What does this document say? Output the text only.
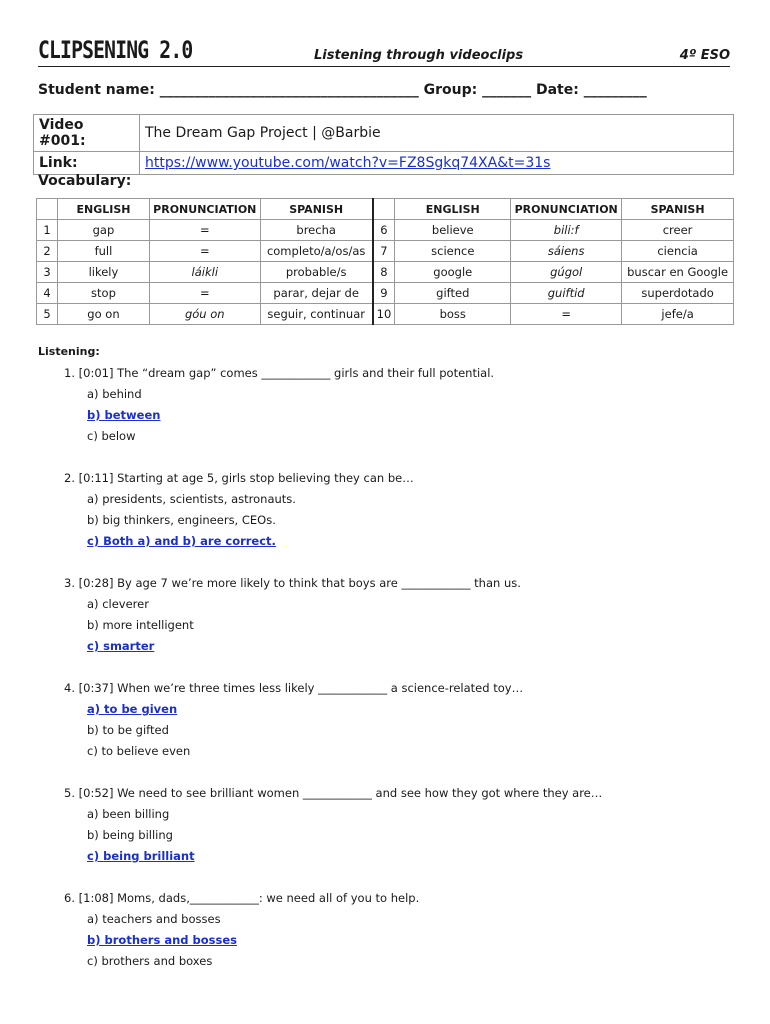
CLIPSENING 2.0	Listening through videoclips	4º ESO
Student name: _____________________________________ Group: _______ Date: _________
Video #001:	The Dream Gap Project | @Barbie
Link:	https://www.youtube.com/watch?v=FZ8Sgkq74XA&t=31s
Vocabulary:
	ENGLISH	PRONUNCIATION	SPANISH		ENGLISH	PRONUNCIATION	SPANISH
1	gap	=	brecha	6	believe	bili:f	creer
2	full	=	completo/a/os/as	7	science	sáiens	ciencia
3	likely	láikli	probable/s	8	google	gúgol	buscar en Google
4	stop	=	parar, dejar de	9	gifted	guiftid	superdotado
5	go on	góu on	seguir, continuar	10	boss	=	jefe/a
Listening:
1. [0:01] The “dream gap” comes ____________ girls and their full potential.
a) behind
b) between
c) below
2. [0:11] Starting at age 5, girls stop believing they can be…
a) presidents, scientists, astronauts.
b) big thinkers, engineers, CEOs.
c) Both a) and b) are correct.
3. [0:28] By age 7 we’re more likely to think that boys are ____________ than us.
a) cleverer
b) more intelligent
c) smarter
4. [0:37] When we’re three times less likely ____________ a science-related toy…
a) to be given
b) to be gifted
c) to believe even
5. [0:52] We need to see brilliant women ____________ and see how they got where they are…
a) been billing
b) being billing
c) being brilliant
6. [1:08] Moms, dads,____________: we need all of you to help.
a) teachers and bosses
b) brothers and bosses
c) brothers and boxes
